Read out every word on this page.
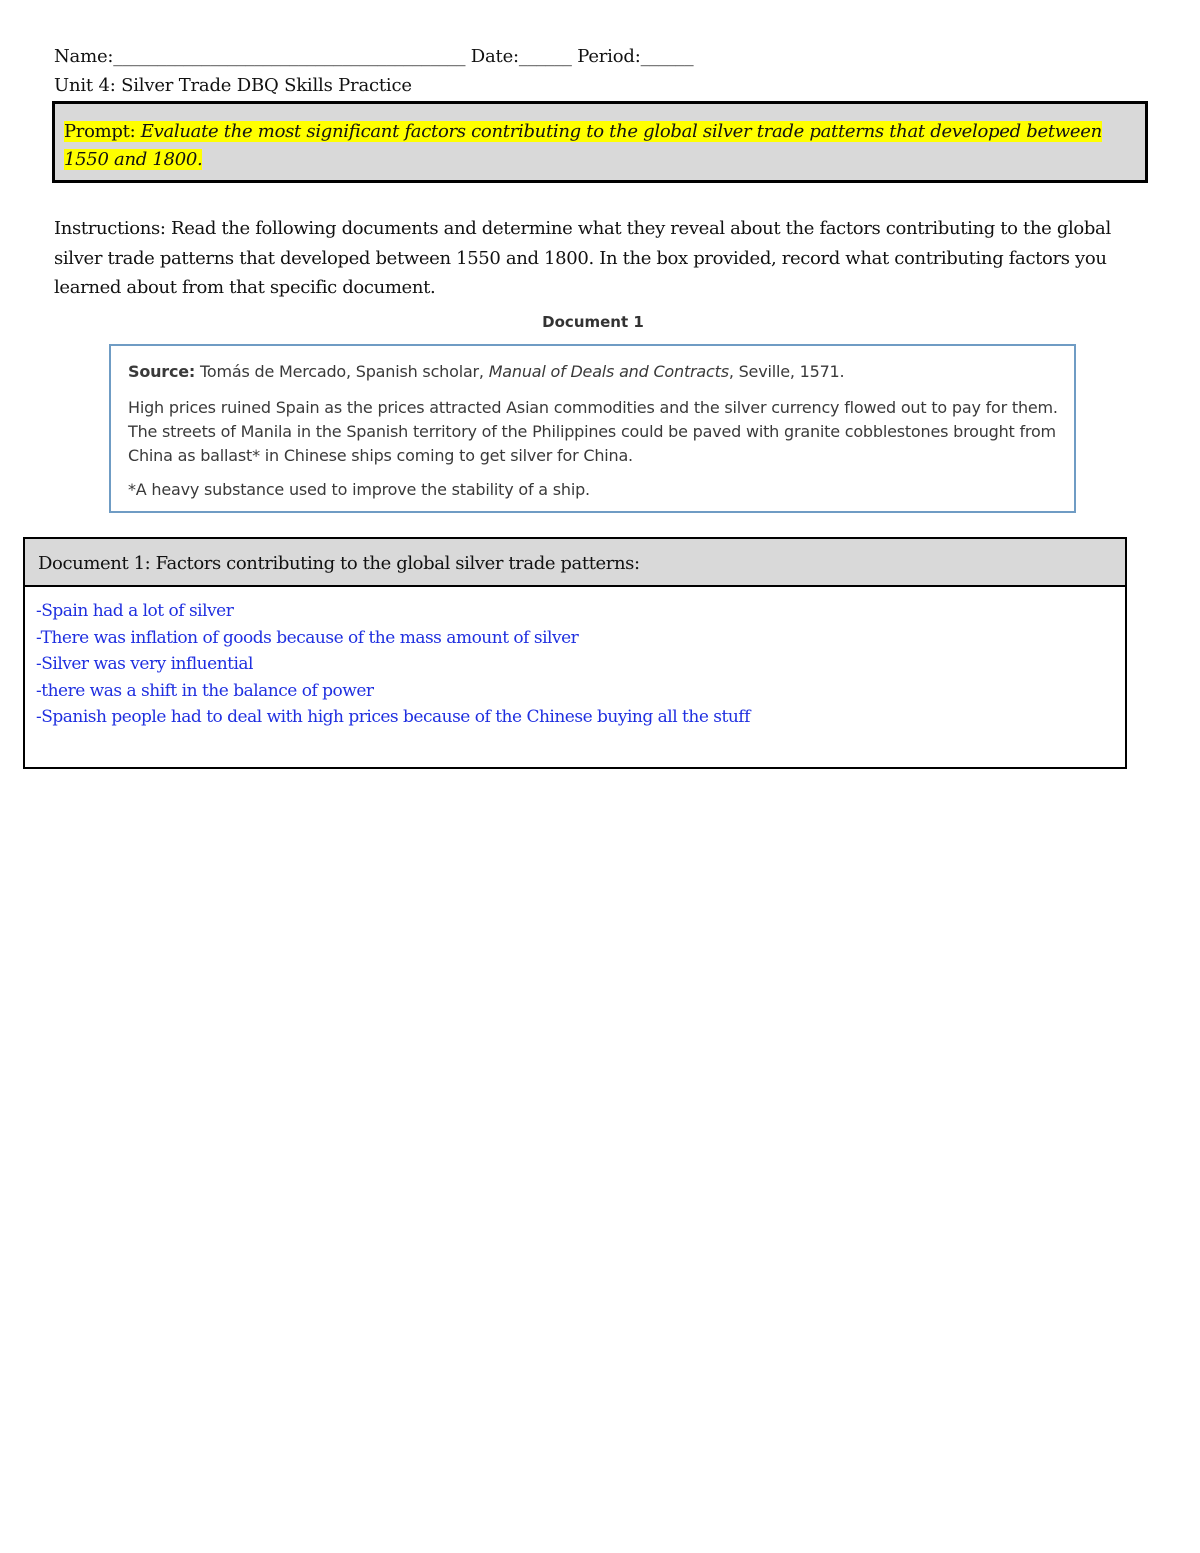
Name:________________________________________ Date:______ Period:______
Unit 4: Silver Trade DBQ Skills Practice
Prompt: Evaluate the most significant factors contributing to the global silver trade patterns that developed between 1550 and 1800.
Instructions: Read the following documents and determine what they reveal about the factors contributing to the global silver trade patterns that developed between 1550 and 1800. In the box provided, record what contributing factors you learned about from that specific document.
Document 1
Source: Tomás de Mercado, Spanish scholar, Manual of Deals and Contracts, Seville, 1571.
High prices ruined Spain as the prices attracted Asian commodities and the silver currency flowed out to pay for them. The streets of Manila in the Spanish territory of the Philippines could be paved with granite cobblestones brought from China as ballast* in Chinese ships coming to get silver for China.
*A heavy substance used to improve the stability of a ship.
Document 1: Factors contributing to the global silver trade patterns:
-Spain had a lot of silver
-There was inflation of goods because of the mass amount of silver
-Silver was very influential
-there was a shift in the balance of power
-Spanish people had to deal with high prices because of the Chinese buying all the stuff
